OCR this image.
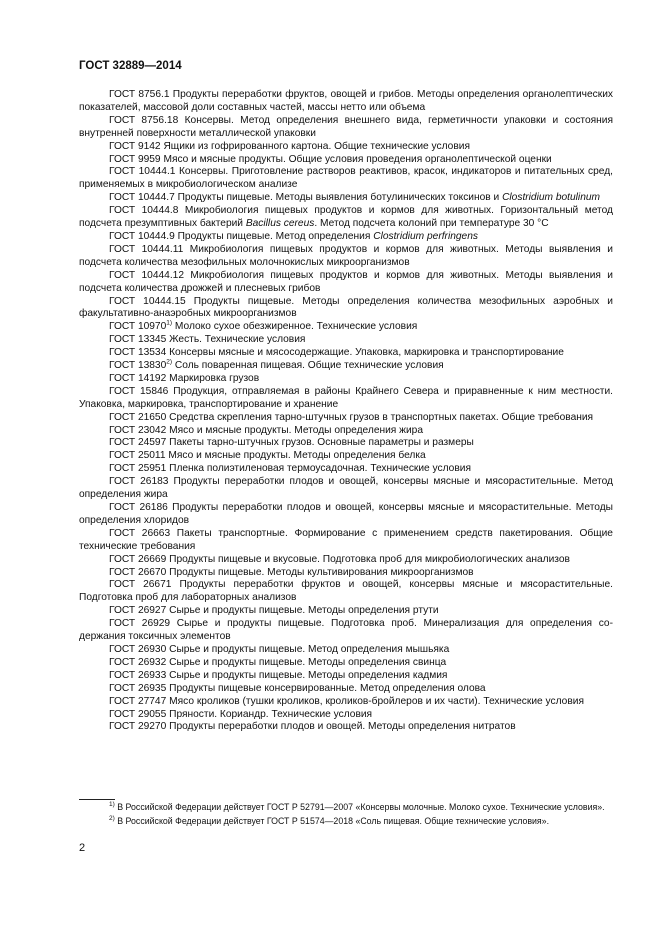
ГОСТ 32889—2014

ГОСТ 8756.1 Продукты переработки фруктов, овощей и грибов. Методы определения органолептических показателей, массовой доли составных частей, массы нетто или объема

ГОСТ 8756.18 Консервы. Метод определения внешнего вида, герметичности упаковки и состояния внутренней поверхности металлической упаковки

ГОСТ 9142 Ящики из гофрированного картона. Общие технические условия

ГОСТ 9959 Мясо и мясные продукты. Общие условия проведения органолептической оценки

ГОСТ 10444.1 Консервы. Приготовление растворов реактивов, красок, индикаторов и питательных сред, применяемых в микробиологическом анализе

ГОСТ 10444.7 Продукты пищевые. Методы выявления ботулинических токсинов и Clostridium botulinum

ГОСТ 10444.8 Микробиология пищевых продуктов и кормов для животных. Горизонтальный метод подсчета презумптивных бактерий Bacillus cereus. Метод подсчета колоний при температуре 30 °С

ГОСТ 10444.9 Продукты пищевые. Метод определения Clostridium perfringens

ГОСТ 10444.11 Микробиология пищевых продуктов и кормов для животных. Методы выявления и подсчета количества мезофильных молочнокислых микроорганизмов

ГОСТ 10444.12 Микробиология пищевых продуктов и кормов для животных. Методы выявления и подсчета количества дрожжей и плесневых грибов

ГОСТ 10444.15 Продукты пищевые. Методы определения количества мезофильных аэробных и факультативно-анаэробных микроорганизмов

ГОСТ 10970$^{1)}$ Молоко сухое обезжиренное. Технические условия

ГОСТ 13345 Жесть. Технические условия

ГОСТ 13534 Консервы мясные и мясосодержащие. Упаковка, маркировка и транспортирование

ГОСТ 13830$^{2)}$ Соль поваренная пищевая. Общие технические условия

ГОСТ 14192 Маркировка грузов

ГОСТ 15846 Продукция, отправляемая в районы Крайнего Севера и приравненные к ним местности. Упаковка, маркировка, транспортирование и хранение

ГОСТ 21650 Средства скрепления тарно-штучных грузов в транспортных пакетах. Общие требования

ГОСТ 23042 Мясо и мясные продукты. Методы определения жира

ГОСТ 24597 Пакеты тарно-штучных грузов. Основные параметры и размеры

ГОСТ 25011 Мясо и мясные продукты. Методы определения белка

ГОСТ 25951 Пленка полиэтиленовая термоусадочная. Технические условия

ГОСТ 26183 Продукты переработки плодов и овощей, консервы мясные и мясорастительные. Метод определения жира

ГОСТ 26186 Продукты переработки плодов и овощей, консервы мясные и мясорастительные. Методы определения хлоридов

ГОСТ 26663 Пакеты транспортные. Формирование с применением средств пакетирования. Общие технические требования

ГОСТ 26669 Продукты пищевые и вкусовые. Подготовка проб для микробиологических анализов

ГОСТ 26670 Продукты пищевые. Методы культивирования микроорганизмов

ГОСТ 26671 Продукты переработки фруктов и овощей, консервы мясные и мясорастительные. Подготовка проб для лабораторных анализов

ГОСТ 26927 Сырье и продукты пищевые. Методы определения ртути

ГОСТ 26929 Сырье и продукты пищевые. Подготовка проб. Минерализация для определения содержания токсичных элементов

ГОСТ 26930 Сырье и продукты пищевые. Метод определения мышьяка

ГОСТ 26932 Сырье и продукты пищевые. Методы определения свинца

ГОСТ 26933 Сырье и продукты пищевые. Методы определения кадмия

ГОСТ 26935 Продукты пищевые консервированные. Метод определения олова

ГОСТ 27747 Мясо кроликов (тушки кроликов, кроликов-бройлеров и их части). Технические условия

ГОСТ 29055 Пряности. Кориандр. Технические условия

ГОСТ 29270 Продукты переработки плодов и овощей. Методы определения нитратов

$^{1)}$ В Российской Федерации действует ГОСТ Р 52791—2007 «Консервы молочные. Молоко сухое. Технические условия».

$^{2)}$ В Российской Федерации действует ГОСТ Р 51574—2018 «Соль пищевая. Общие технические условия».

2
